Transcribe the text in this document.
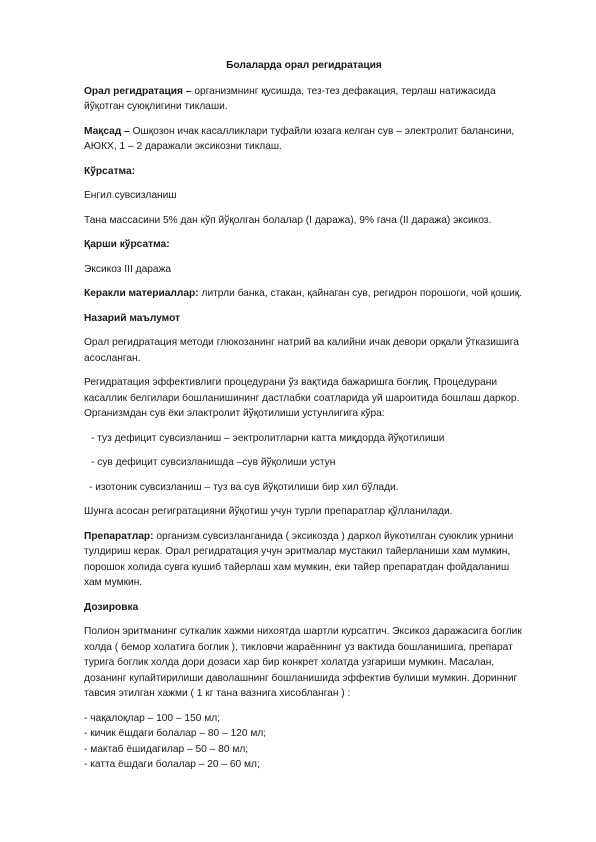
Болаларда орал регидратация

Орал регидратация – организмнинг қусишда, тез-тез дефакация, терлаш натижасида йўқотган суюқлигини тиклаши.

Мақсад – Ошқозон ичак касалликлари туфайли юзага келган сув – электролит балансини, АЮКХ, 1 – 2 даражали эксикозни тиклаш.

Кўрсатма:

Енгил сувсизланиш

Тана массасини 5% дан кўп йўқолган болалар (I даража), 9% гача (II даража) эксикоз.

Қарши кўрсатма:

Эксикоз III даража

Керакли материаллар: литрли банка, стакан, қайнаган сув, регидрон порошоги, чой қошиқ.

Назарий маълумот

Орал регидратация методи глюкозанинг натрий ва калийни ичак девори орқали ўтказишига асосланган.

Регидратация эффективлиги процедурани ўз вақтида бажаришга боғлиқ. Процедурани касаллик белгилари бошланишининг дастлабки соатларида уй шароитида бошлаш даркор. Организмдан сув ёки элактролит йўқотилиши устунлигига кўра:

- туз дефицит сувсизланиш – эектролитларни катта миқдорда йўқотилиши

- сув дефицит сувсизланишда –сув йўқолиши устун

- изотоник сувсизланиш – туз ва сув йўқотилиши бир хил бўлади.

Шунга асосан регигратацияни йўқотиш учун турли препаратлар қўлланилади.

Препаратлар: организм сувсизланганида ( эксикозда ) дархол йукотилган суюклик урнини тулдириш керак. Орал регидратация учун эритмалар мустакил тайерланиши хам мумкин, порошок холида сувга кушиб тайерлаш хам мумкин, еки тайер препаратдан фойдаланиш хам мумкин.

Дозировка

Полион эритманинг суткалик хажми нихоятда шартли курсатгич. Эксикоз даражасига боглик холда ( бемор холатига боглик ), тикловчи жараённинг уз вактида бошланишига, препарат турига боглик холда дори дозаси хар бир конкрет холатда узгариши мумкин. Масалан, дозанинг купайтирилиши даволашнинг бошланишида эффектив булиши мумкин. Доринниг тавсия этилган хажми ( 1 кг тана вазнига хисобланган ) :

- чақалоқлар – 100 – 150 мл;

- кичик ёшдаги болалар – 80 – 120 мл;

- мактаб ёшидагилар – 50 – 80 мл;

- катта ёшдаги болалар – 20 – 60 мл;
